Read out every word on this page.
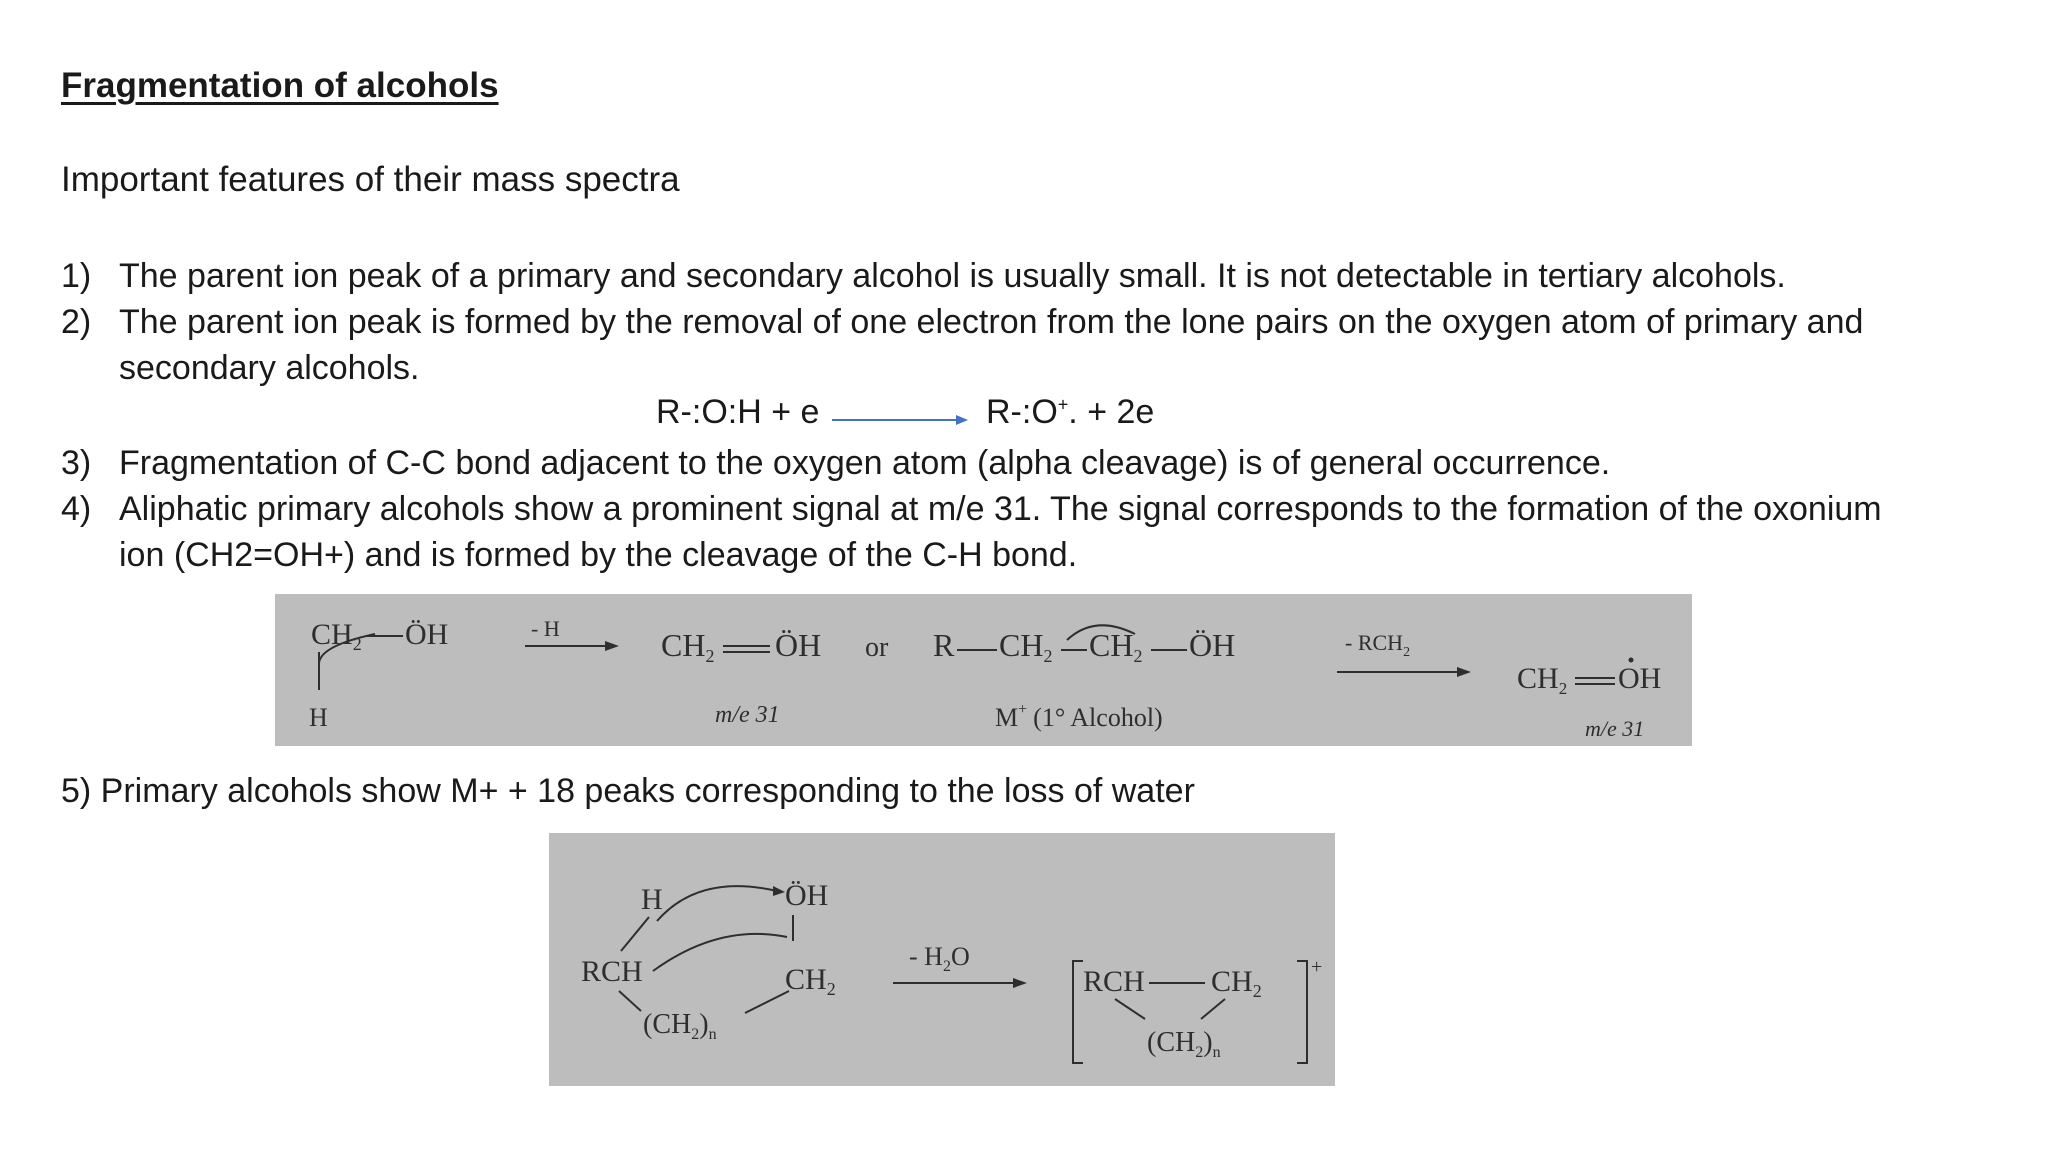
Fragmentation of alcohols
Important features of their mass spectra
1) The parent ion peak of a primary and secondary alcohol is usually small. It is not detectable in tertiary alcohols.
2) The parent ion peak is formed by the removal of one electron from the lone pairs on the oxygen atom of primary and
secondary alcohols.
R-:O:H + e	R-:O+. + 2e
3) Fragmentation of C-C bond adjacent to the oxygen atom (alpha cleavage) is of general occurrence.
4) Aliphatic primary alcohols show a prominent signal at m/e 31. The signal corresponds to the formation of the oxonium
ion (CH2=OH+) and is formed by the cleavage of the C-H bond.
$CH_2$ ÖH
H
- H	CH2 ÖH
m/e 31
or R CH2 CH2 ÖH
M+ (1° Alcohol)
- $RCH_2$
$CH_2$ OH
m/e 31
5) Primary alcohols show M+ + 18 peaks corresponding to the loss of water
H	ÖH
RCH	$CH_2$
$(CH_2)_n$
- $H_2O$
RCH $CH_2$
$(CH_2)_n$
+
